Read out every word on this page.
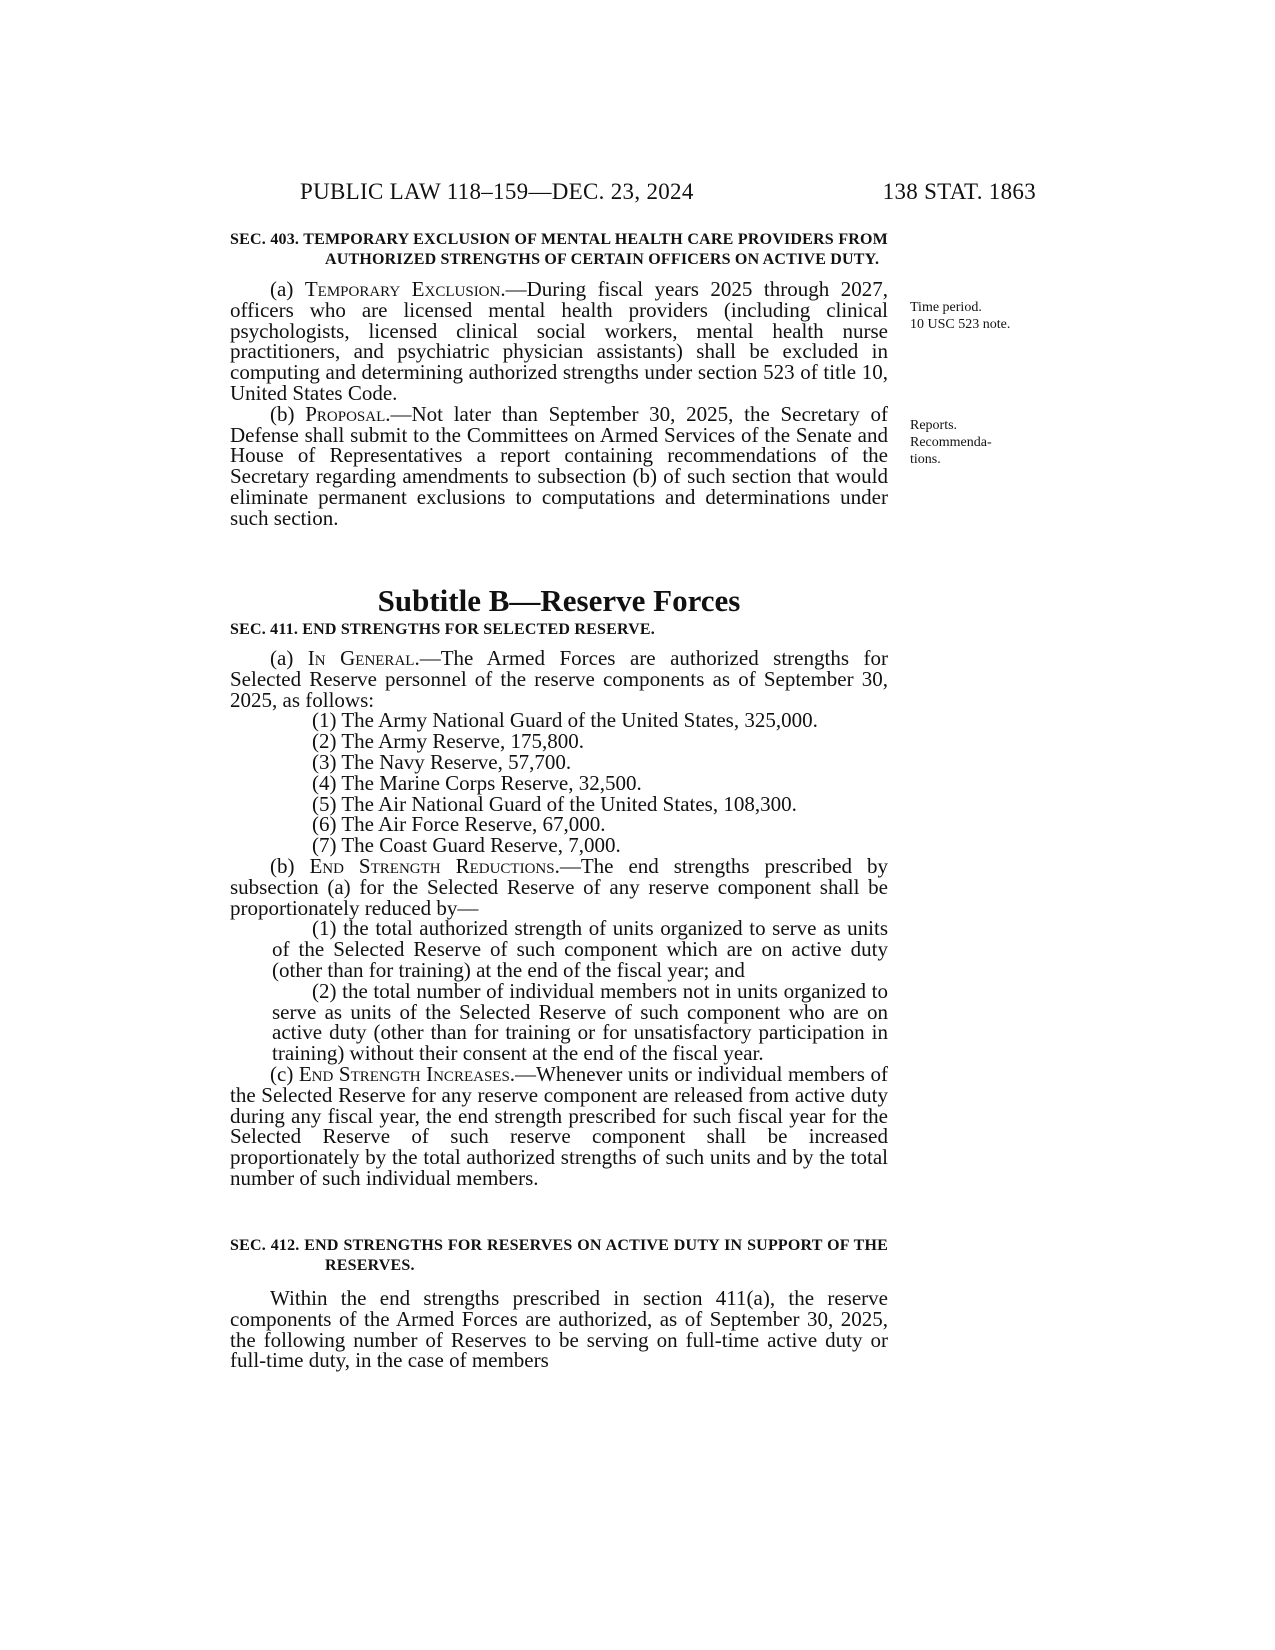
PUBLIC LAW 118–159—DEC. 23, 2024	138 STAT. 1863
SEC. 403. TEMPORARY EXCLUSION OF MENTAL HEALTH CARE PROVIDERS FROM AUTHORIZED STRENGTHS OF CERTAIN OFFICERS ON ACTIVE DUTY.

(a) Temporary Exclusion.—During fiscal years 2025 through 2027, officers who are licensed mental health providers (including clinical psychologists, licensed clinical social workers, mental health nurse practitioners, and psychiatric physician assistants) shall be excluded in computing and determining authorized strengths under section 523 of title 10, United States Code.

(b) Proposal.—Not later than September 30, 2025, the Secretary of Defense shall submit to the Committees on Armed Services of the Senate and House of Representatives a report containing recommendations of the Secretary regarding amendments to subsection (b) of such section that would eliminate permanent exclusions to computations and determinations under such section.

Time period.
10 USC 523 note.
Reports.
Recommenda-
tions.
Subtitle B—Reserve Forces
SEC. 411. END STRENGTHS FOR SELECTED RESERVE.

(a) In General.—The Armed Forces are authorized strengths for Selected Reserve personnel of the reserve components as of September 30, 2025, as follows:

(1) The Army National Guard of the United States, 325,000.

(2) The Army Reserve, 175,800.

(3) The Navy Reserve, 57,700.

(4) The Marine Corps Reserve, 32,500.

(5) The Air National Guard of the United States, 108,300.

(6) The Air Force Reserve, 67,000.

(7) The Coast Guard Reserve, 7,000.

(b) End Strength Reductions.—The end strengths prescribed by subsection (a) for the Selected Reserve of any reserve component shall be proportionately reduced by—

(1) the total authorized strength of units organized to serve as units of the Selected Reserve of such component which are on active duty (other than for training) at the end of the fiscal year; and

(2) the total number of individual members not in units organized to serve as units of the Selected Reserve of such component who are on active duty (other than for training or for unsatisfactory participation in training) without their consent at the end of the fiscal year.

(c) End Strength Increases.—Whenever units or individual members of the Selected Reserve for any reserve component are released from active duty during any fiscal year, the end strength prescribed for such fiscal year for the Selected Reserve of such reserve component shall be increased proportionately by the total authorized strengths of such units and by the total number of such individual members.

SEC. 412. END STRENGTHS FOR RESERVES ON ACTIVE DUTY IN SUPPORT OF THE RESERVES.

Within the end strengths prescribed in section 411(a), the reserve components of the Armed Forces are authorized, as of September 30, 2025, the following number of Reserves to be serving on full-time active duty or full-time duty, in the case of members
